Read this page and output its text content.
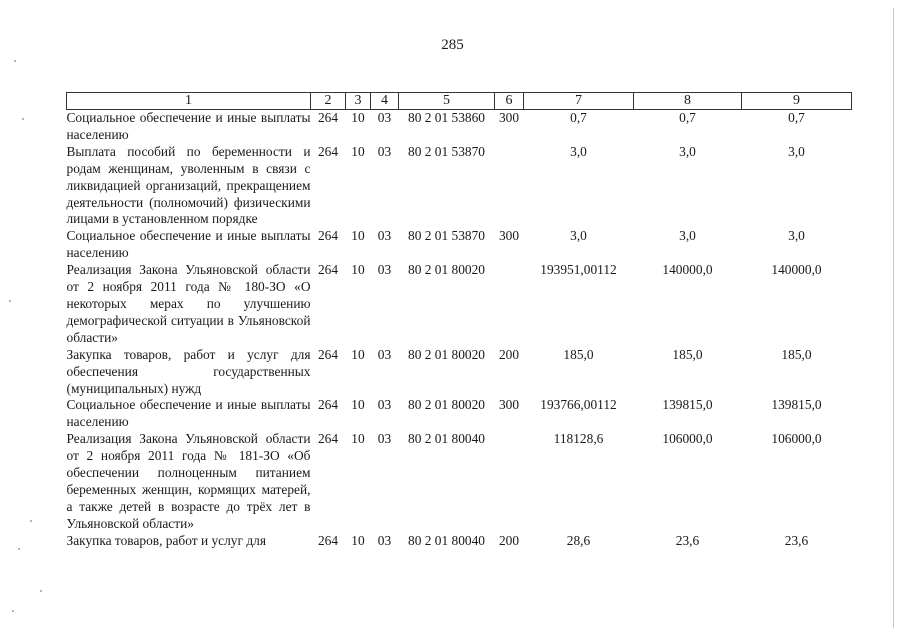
285
1	2	3	4	5	6	7	8	9
Социальное обеспечение и иные выплаты населению	264	10	03	80 2 01 53860	300	0,7	0,7	0,7
Выплата пособий по беременности и родам женщинам, уволенным в связи с ликвидацией организаций, прекращением деятельности (полномочий) физическими лицами в установленном порядке	264	10	03	80 2 01 53870		3,0	3,0	3,0
Социальное обеспечение и иные выплаты населению	264	10	03	80 2 01 53870	300	3,0	3,0	3,0
Реализация Закона Ульяновской области от 2 ноября 2011 года № 180-ЗО «О некоторых мерах по улучшению демографической ситуации в Ульяновской области»	264	10	03	80 2 01 80020		193951,00112	140000,0	140000,0
Закупка товаров, работ и услуг для обеспечения государственных (муниципальных) нужд	264	10	03	80 2 01 80020	200	185,0	185,0	185,0
Социальное обеспечение и иные выплаты населению	264	10	03	80 2 01 80020	300	193766,00112	139815,0	139815,0
Реализация Закона Ульяновской области от 2 ноября 2011 года № 181-ЗО «Об обеспечении полноценным питанием беременных женщин, кормящих матерей, а также детей в возрасте до трёх лет в Ульяновской области»	264	10	03	80 2 01 80040		118128,6	106000,0	106000,0
Закупка товаров, работ и услуг для	264	10	03	80 2 01 80040	200	28,6	23,6	23,6
